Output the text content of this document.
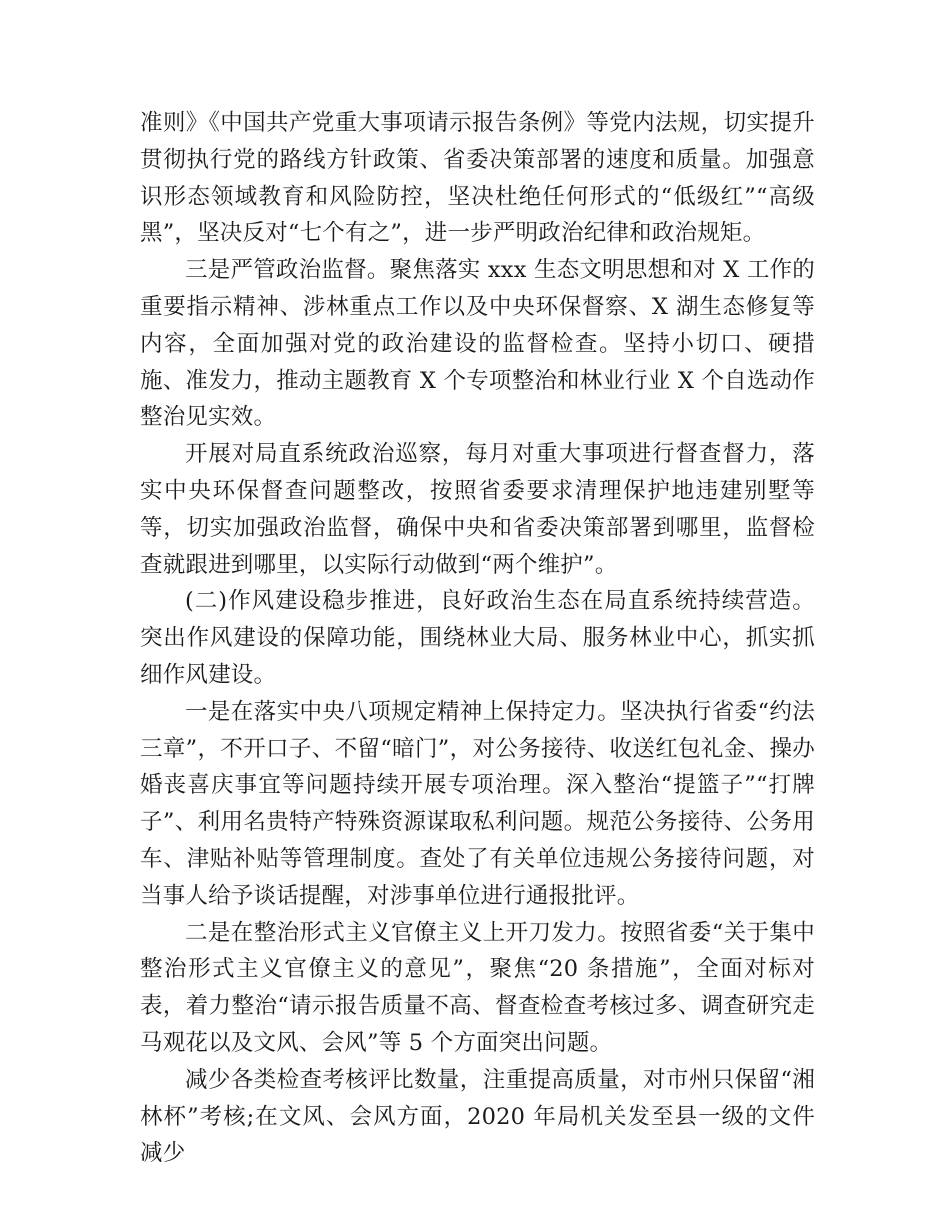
准则》《中国共产党重大事项请示报告条例》等党内法规，切实提升贯彻执行党的路线方针政策、省委决策部署的速度和质量。加强意识形态领域教育和风险防控，坚决杜绝任何形式的“低级红”“高级黑”，坚决反对“七个有之”，进一步严明政治纪律和政治规矩。

三是严管政治监督。聚焦落实 xxx 生态文明思想和对 X 工作的重要指示精神、涉林重点工作以及中央环保督察、X 湖生态修复等内容，全面加强对党的政治建设的监督检查。坚持小切口、硬措施、准发力，推动主题教育 X 个专项整治和林业行业 X 个自选动作整治见实效。

开展对局直系统政治巡察，每月对重大事项进行督查督力，落实中央环保督查问题整改，按照省委要求清理保护地违建别墅等等，切实加强政治监督，确保中央和省委决策部署到哪里，监督检查就跟进到哪里，以实际行动做到“两个维护”。

(二)作风建设稳步推进，良好政治生态在局直系统持续营造。突出作风建设的保障功能，围绕林业大局、服务林业中心，抓实抓细作风建设。

一是在落实中央八项规定精神上保持定力。坚决执行省委“约法三章”，不开口子、不留“暗门”，对公务接待、收送红包礼金、操办婚丧喜庆事宜等问题持续开展专项治理。深入整治“提篮子”“打牌子”、利用名贵特产特殊资源谋取私利问题。规范公务接待、公务用车、津贴补贴等管理制度。查处了有关单位违规公务接待问题，对当事人给予谈话提醒，对涉事单位进行通报批评。

二是在整治形式主义官僚主义上开刀发力。按照省委“关于集中整治形式主义官僚主义的意见”，聚焦“20 条措施”，全面对标对表，着力整治“请示报告质量不高、督查检查考核过多、调查研究走马观花以及文风、会风”等 5 个方面突出问题。

减少各类检查考核评比数量，注重提高质量，对市州只保留“湘林杯”考核;在文风、会风方面，2020 年局机关发至县一级的文件减少
